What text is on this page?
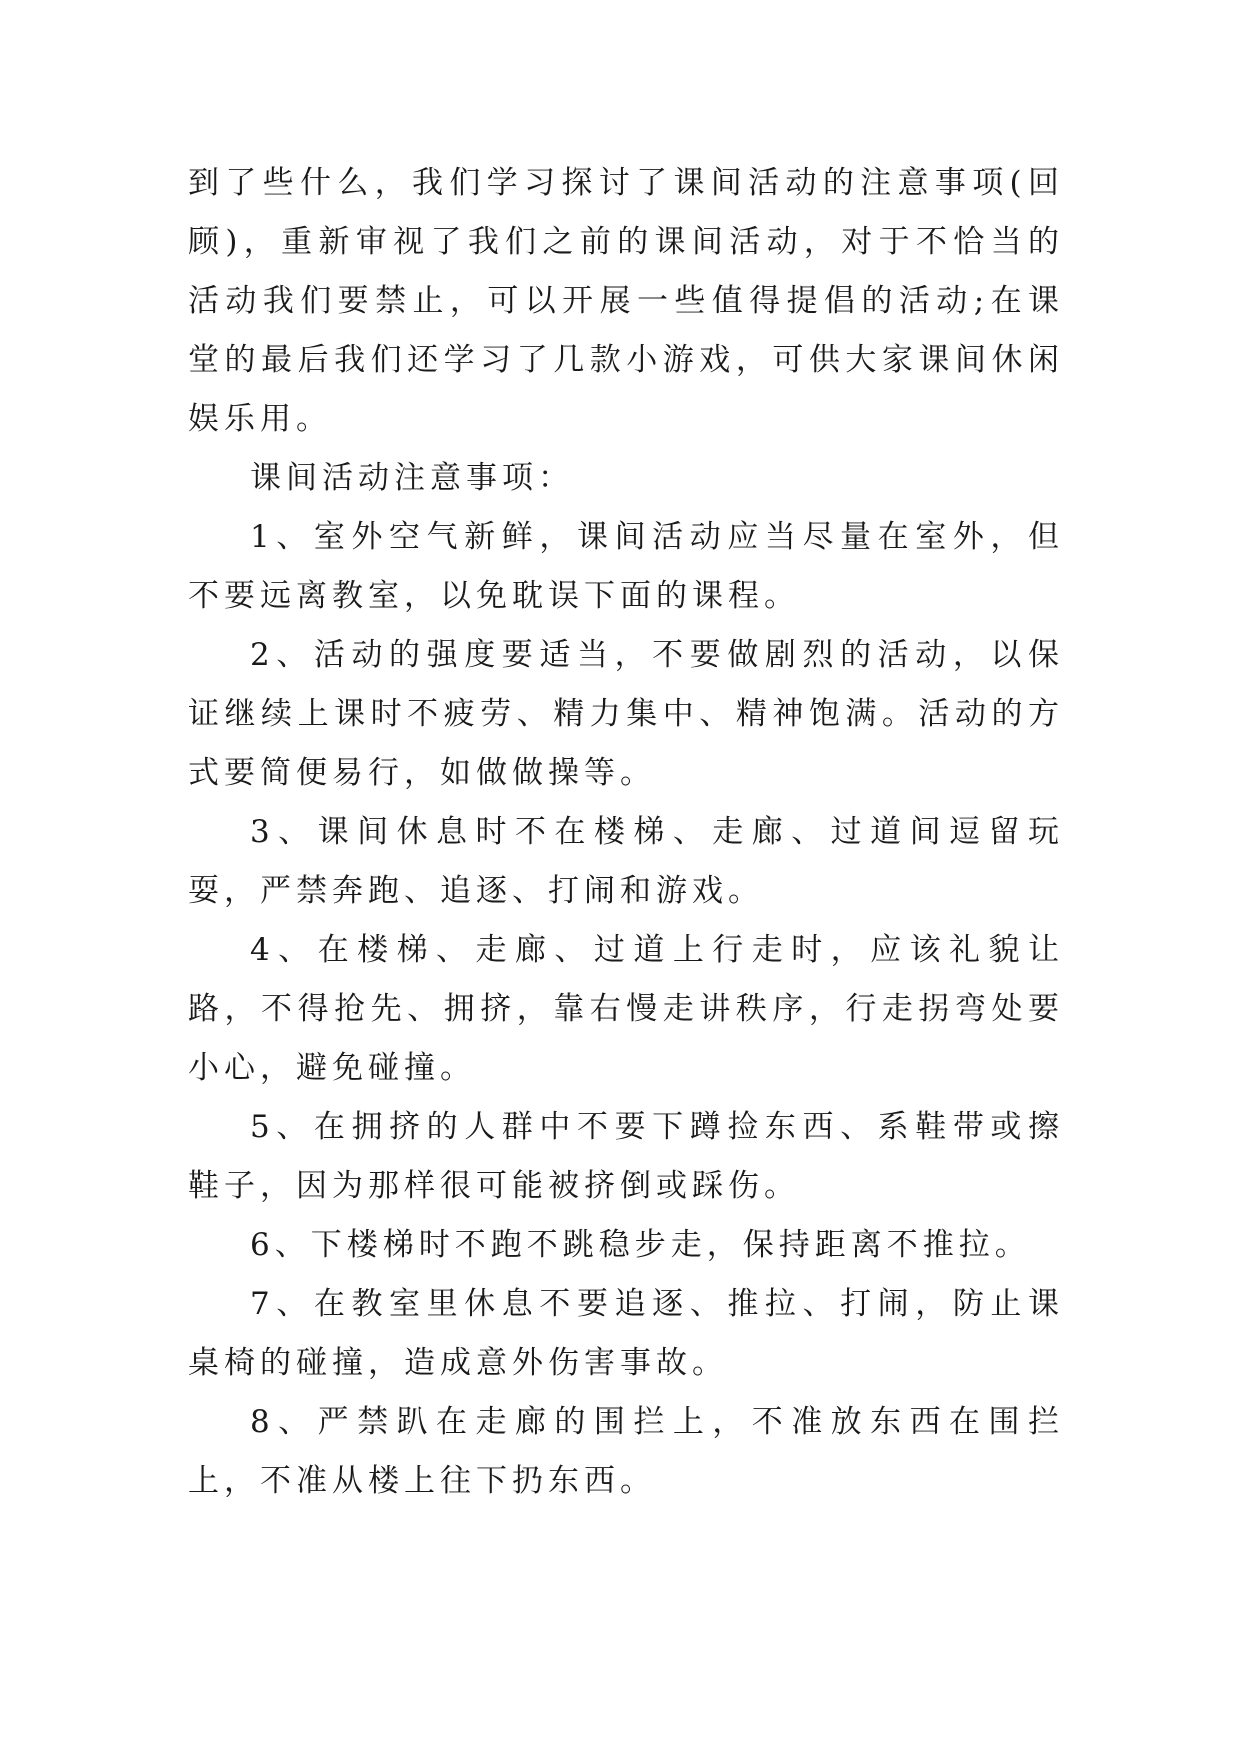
到了些什么，我们学习探讨了课间活动的注意事项(回顾)，重新审视了我们之前的课间活动，对于不恰当的活动我们要禁止，可以开展一些值得提倡的活动;在课堂的最后我们还学习了几款小游戏，可供大家课间休闲娱乐用。

课间活动注意事项：

1、室外空气新鲜，课间活动应当尽量在室外，但不要远离教室，以免耽误下面的课程。

2、活动的强度要适当，不要做剧烈的活动，以保证继续上课时不疲劳、精力集中、精神饱满。活动的方式要简便易行，如做做操等。

3、课间休息时不在楼梯、走廊、过道间逗留玩耍，严禁奔跑、追逐、打闹和游戏。

4、在楼梯、走廊、过道上行走时，应该礼貌让路，不得抢先、拥挤，靠右慢走讲秩序，行走拐弯处要小心，避免碰撞。

5、在拥挤的人群中不要下蹲捡东西、系鞋带或擦鞋子，因为那样很可能被挤倒或踩伤。

6、下楼梯时不跑不跳稳步走，保持距离不推拉。

7、在教室里休息不要追逐、推拉、打闹，防止课桌椅的碰撞，造成意外伤害事故。

8、严禁趴在走廊的围拦上，不准放东西在围拦上，不准从楼上往下扔东西。
